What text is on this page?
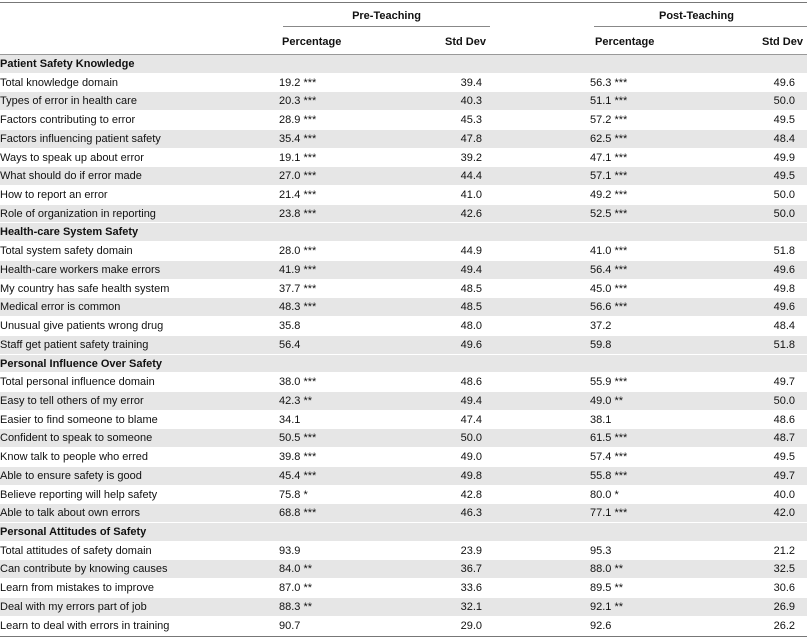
Pre-Teaching	Post-Teaching
Percentage	Std Dev	Percentage	Std Dev
Patient Safety Knowledge
Total knowledge domain	19.2 ***	39.4	56.3 ***	49.6
Types of error in health care	20.3 ***	40.3	51.1 ***	50.0
Factors contributing to error	28.9 ***	45.3	57.2 ***	49.5
Factors influencing patient safety	35.4 ***	47.8	62.5 ***	48.4
Ways to speak up about error	19.1 ***	39.2	47.1 ***	49.9
What should do if error made	27.0 ***	44.4	57.1 ***	49.5
How to report an error	21.4 ***	41.0	49.2 ***	50.0
Role of organization in reporting	23.8 ***	42.6	52.5 ***	50.0
Health-care System Safety
Total system safety domain	28.0 ***	44.9	41.0 ***	51.8
Health-care workers make errors	41.9 ***	49.4	56.4 ***	49.6
My country has safe health system	37.7 ***	48.5	45.0 ***	49.8
Medical error is common	48.3 ***	48.5	56.6 ***	49.6
Unusual give patients wrong drug	35.8	48.0	37.2	48.4
Staff get patient safety training	56.4	49.6	59.8	51.8
Personal Influence Over Safety
Total personal influence domain	38.0 ***	48.6	55.9 ***	49.7
Easy to tell others of my error	42.3 **	49.4	49.0 **	50.0
Easier to find someone to blame	34.1	47.4	38.1	48.6
Confident to speak to someone	50.5 ***	50.0	61.5 ***	48.7
Know talk to people who erred	39.8 ***	49.0	57.4 ***	49.5
Able to ensure safety is good	45.4 ***	49.8	55.8 ***	49.7
Believe reporting will help safety	75.8 *	42.8	80.0 *	40.0
Able to talk about own errors	68.8 ***	46.3	77.1 ***	42.0
Personal Attitudes of Safety
Total attitudes of safety domain	93.9	23.9	95.3	21.2
Can contribute by knowing causes	84.0 **	36.7	88.0 **	32.5
Learn from mistakes to improve	87.0 **	33.6	89.5 **	30.6
Deal with my errors part of job	88.3 **	32.1	92.1 **	26.9
Learn to deal with errors in training	90.7	29.0	92.6	26.2
